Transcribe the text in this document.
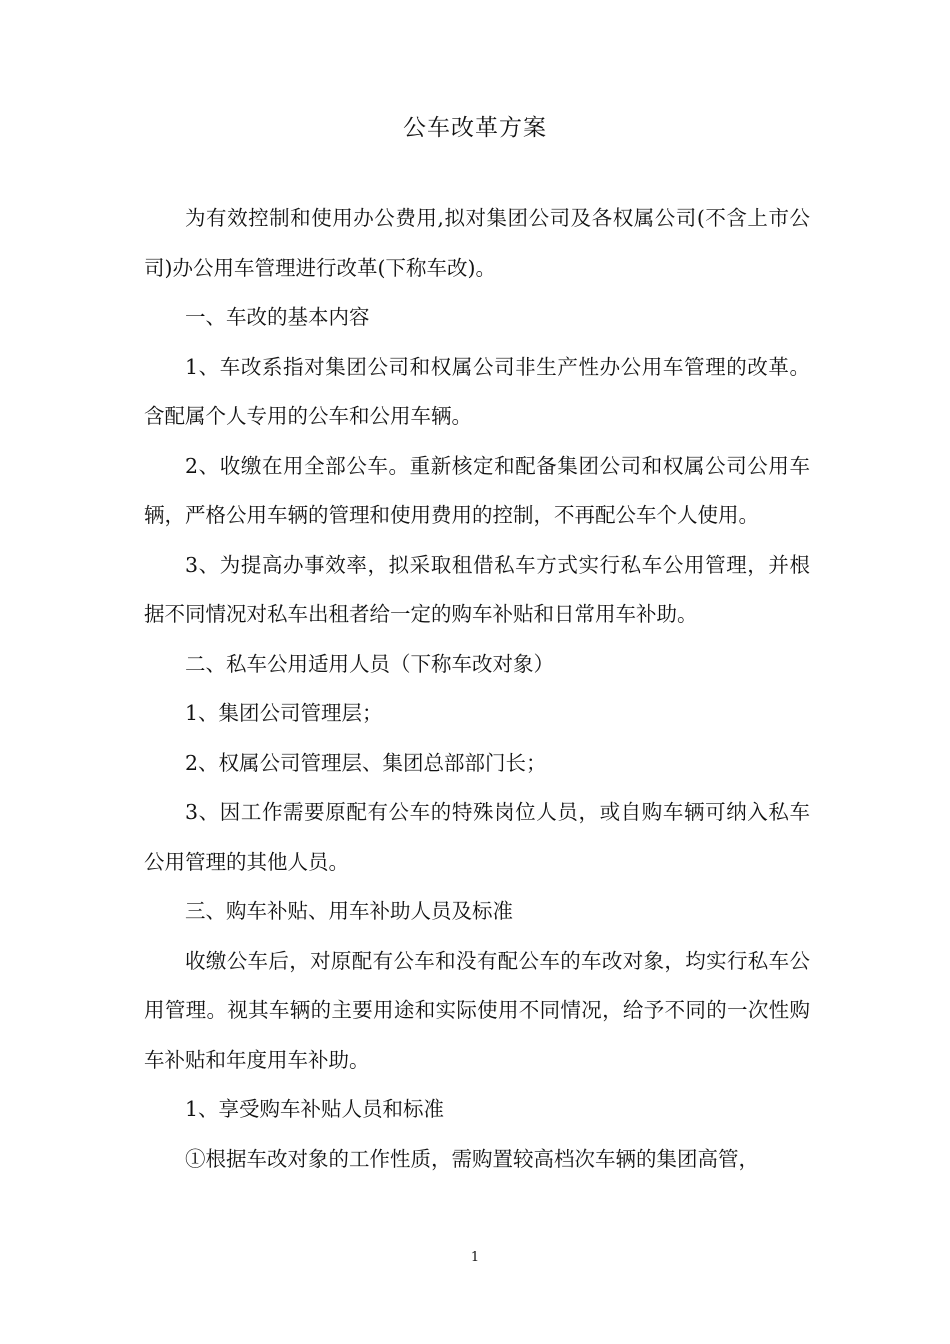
公车改革方案

为有效控制和使用办公费用,拟对集团公司及各权属公司(不含上市公司)办公用车管理进行改革(下称车改)。

一、车改的基本内容

1、车改系指对集团公司和权属公司非生产性办公用车管理的改革。含配属个人专用的公车和公用车辆。

2、收缴在用全部公车。重新核定和配备集团公司和权属公司公用车辆，严格公用车辆的管理和使用费用的控制，不再配公车个人使用。

3、为提高办事效率，拟采取租借私车方式实行私车公用管理，并根据不同情况对私车出租者给一定的购车补贴和日常用车补助。

二、私车公用适用人员（下称车改对象）

1、集团公司管理层；

2、权属公司管理层、集团总部部门长；

3、因工作需要原配有公车的特殊岗位人员，或自购车辆可纳入私车公用管理的其他人员。

三、购车补贴、用车补助人员及标准

收缴公车后，对原配有公车和没有配公车的车改对象，均实行私车公用管理。视其车辆的主要用途和实际使用不同情况，给予不同的一次性购车补贴和年度用车补助。

1、享受购车补贴人员和标准

①根据车改对象的工作性质，需购置较高档次车辆的集团高管，

1
